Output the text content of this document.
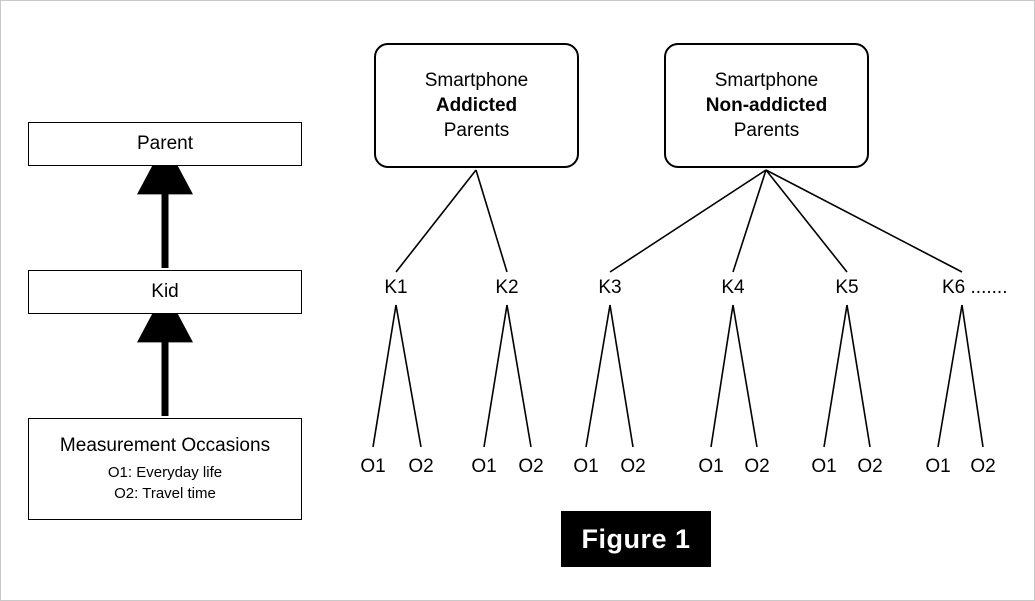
Parent
Kid
Measurement Occasions
O1: Everyday life
O2: Travel time
Smartphone
Addicted
Parents
Smartphone
Non-addicted
Parents
K1	K2	K3	K4	K5	K6 .......
O1	O2	O1	O2	O1	O2	O1	O2	O1	O2	O1	O2
Figure 1
